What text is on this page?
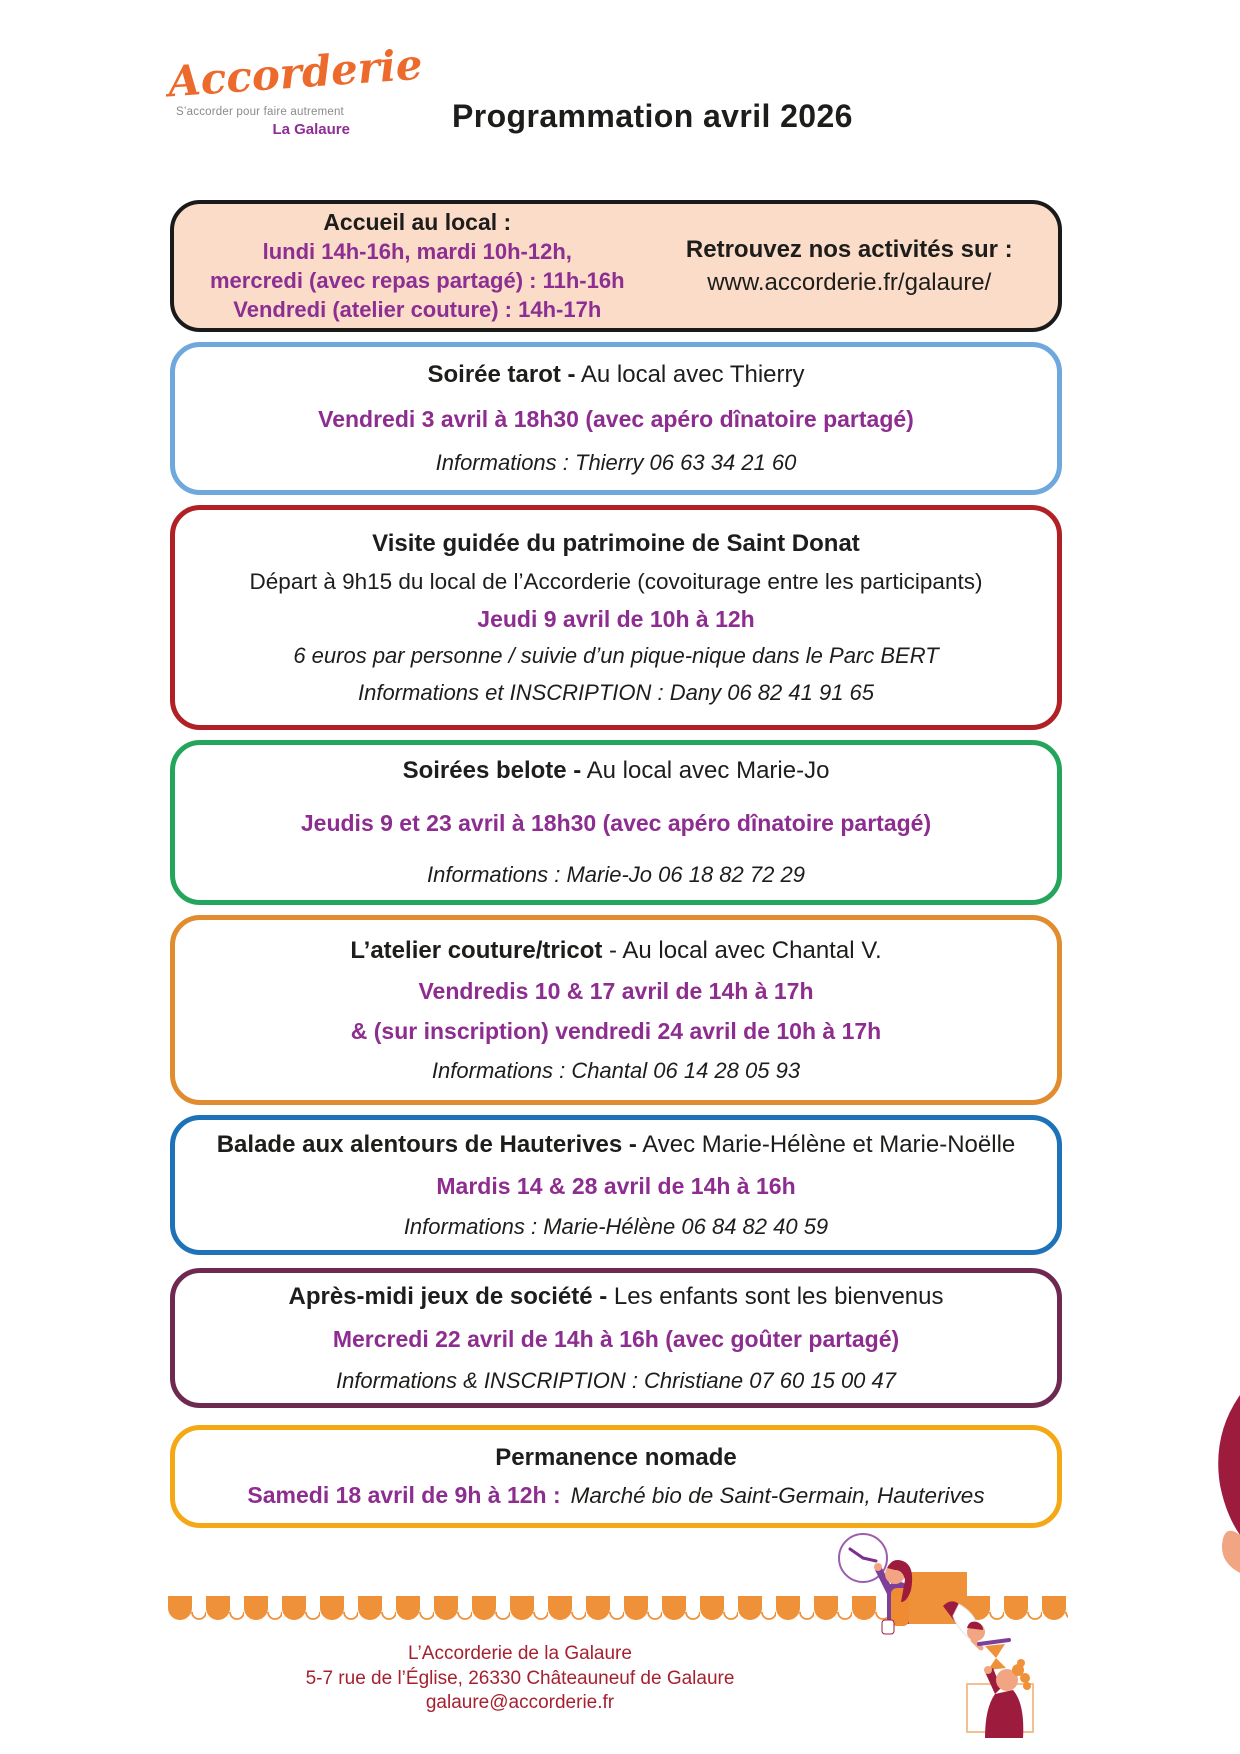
Accorderie
S’accorder pour faire autrement
La Galaure	Programmation avril 2026
Accueil au local :
lundi 14h-16h, mardi 10h-12h,
mercredi (avec repas partagé) : 11h-16h
Vendredi (atelier couture) : 14h-17h
Retrouvez nos activités sur :
www.accorderie.fr/galaure/

Soirée tarot - Au local avec Thierry

Vendredi 3 avril à 18h30 (avec apéro dînatoire partagé)

Informations : Thierry 06 63 34 21 60

Visite guidée du patrimoine de Saint Donat

Départ à 9h15 du local de l’Accorderie (covoiturage entre les participants)

Jeudi 9 avril de 10h à 12h

6 euros par personne / suivie d’un pique-nique dans le Parc BERT

Informations et INSCRIPTION : Dany 06 82 41 91 65

Soirées belote - Au local avec Marie-Jo

Jeudis 9 et 23 avril à 18h30 (avec apéro dînatoire partagé)

Informations : Marie-Jo 06 18 82 72 29

L’atelier couture/tricot - Au local avec Chantal V.

Vendredis 10 & 17 avril de 14h à 17h

& (sur inscription) vendredi 24 avril de 10h à 17h

Informations : Chantal 06 14 28 05 93

Balade aux alentours de Hauterives - Avec Marie-Hélène et Marie-Noëlle

Mardis 14 & 28 avril de 14h à 16h

Informations : Marie-Hélène 06 84 82 40 59

Après-midi jeux de société - Les enfants sont les bienvenus

Mercredi 22 avril de 14h à 16h (avec goûter partagé)

Informations & INSCRIPTION : Christiane 07 60 15 00 47

Permanence nomade

Samedi 18 avril de 9h à 12h : Marché bio de Saint-Germain, Hauterives

L’Accorderie de la Galaure
5-7 rue de l’Église, 26330 Châteauneuf de Galaure
galaure@accorderie.fr
